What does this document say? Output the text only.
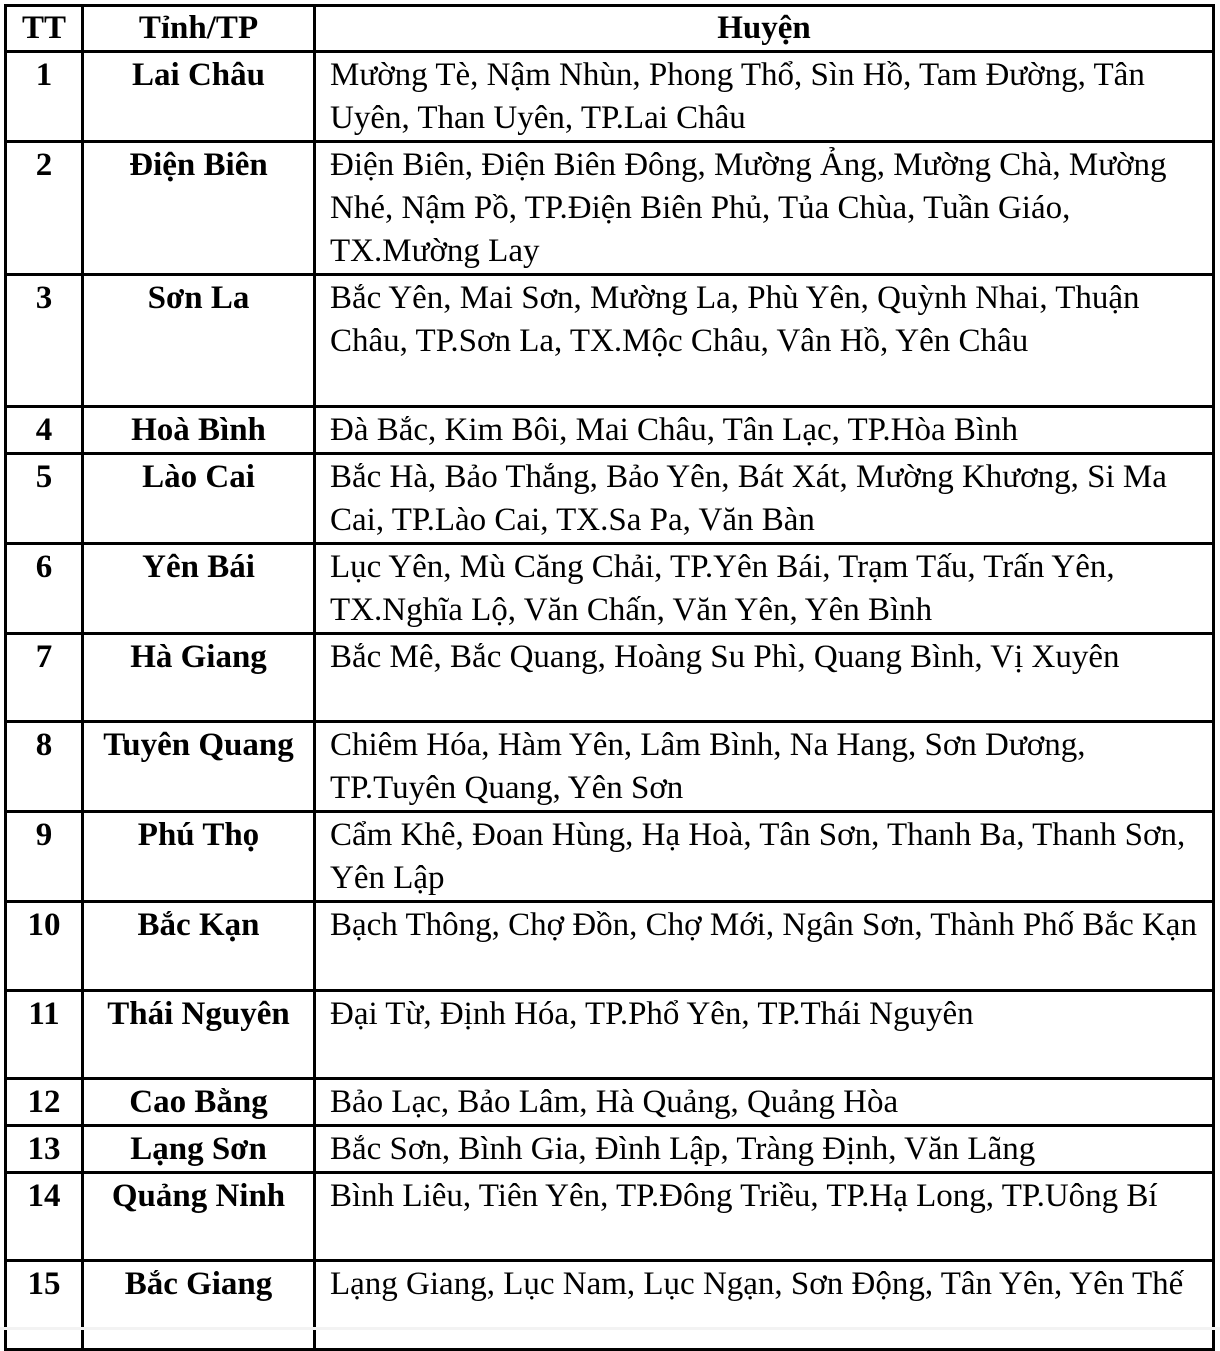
TT	Tỉnh/TP	Huyện
1	Lai Châu	Mường Tè, Nậm Nhùn, Phong Thổ, Sìn Hồ, Tam Đường, Tân Uyên, Than Uyên, TP.Lai Châu
2	Điện Biên	Điện Biên, Điện Biên Đông, Mường Ảng, Mường Chà, Mường Nhé, Nậm Pồ, TP.Điện Biên Phủ, Tủa Chùa, Tuần Giáo, TX.Mường Lay
3	Sơn La	Bắc Yên, Mai Sơn, Mường La, Phù Yên, Quỳnh Nhai, Thuận Châu, TP.Sơn La, TX.Mộc Châu, Vân Hồ, Yên Châu
4	Hoà Bình	Đà Bắc, Kim Bôi, Mai Châu, Tân Lạc, TP.Hòa Bình
5	Lào Cai	Bắc Hà, Bảo Thắng, Bảo Yên, Bát Xát, Mường Khương, Si Ma Cai, TP.Lào Cai, TX.Sa Pa, Văn Bàn
6	Yên Bái	Lục Yên, Mù Căng Chải, TP.Yên Bái, Trạm Tấu, Trấn Yên, TX.Nghĩa Lộ, Văn Chấn, Văn Yên, Yên Bình
7	Hà Giang	Bắc Mê, Bắc Quang, Hoàng Su Phì, Quang Bình, Vị Xuyên
8	Tuyên Quang	Chiêm Hóa, Hàm Yên, Lâm Bình, Na Hang, Sơn Dương, TP.Tuyên Quang, Yên Sơn
9	Phú Thọ	Cẩm Khê, Đoan Hùng, Hạ Hoà, Tân Sơn, Thanh Ba, Thanh Sơn, Yên Lập
10	Bắc Kạn	Bạch Thông, Chợ Đồn, Chợ Mới, Ngân Sơn, Thành Phố Bắc Kạn
11	Thái Nguyên	Đại Từ, Định Hóa, TP.Phổ Yên, TP.Thái Nguyên
12	Cao Bằng	Bảo Lạc, Bảo Lâm, Hà Quảng, Quảng Hòa
13	Lạng Sơn	Bắc Sơn, Bình Gia, Đình Lập, Tràng Định, Văn Lãng
14	Quảng Ninh	Bình Liêu, Tiên Yên, TP.Đông Triều, TP.Hạ Long, TP.Uông Bí
15	Bắc Giang	Lạng Giang, Lục Nam, Lục Ngạn, Sơn Động, Tân Yên, Yên Thế
